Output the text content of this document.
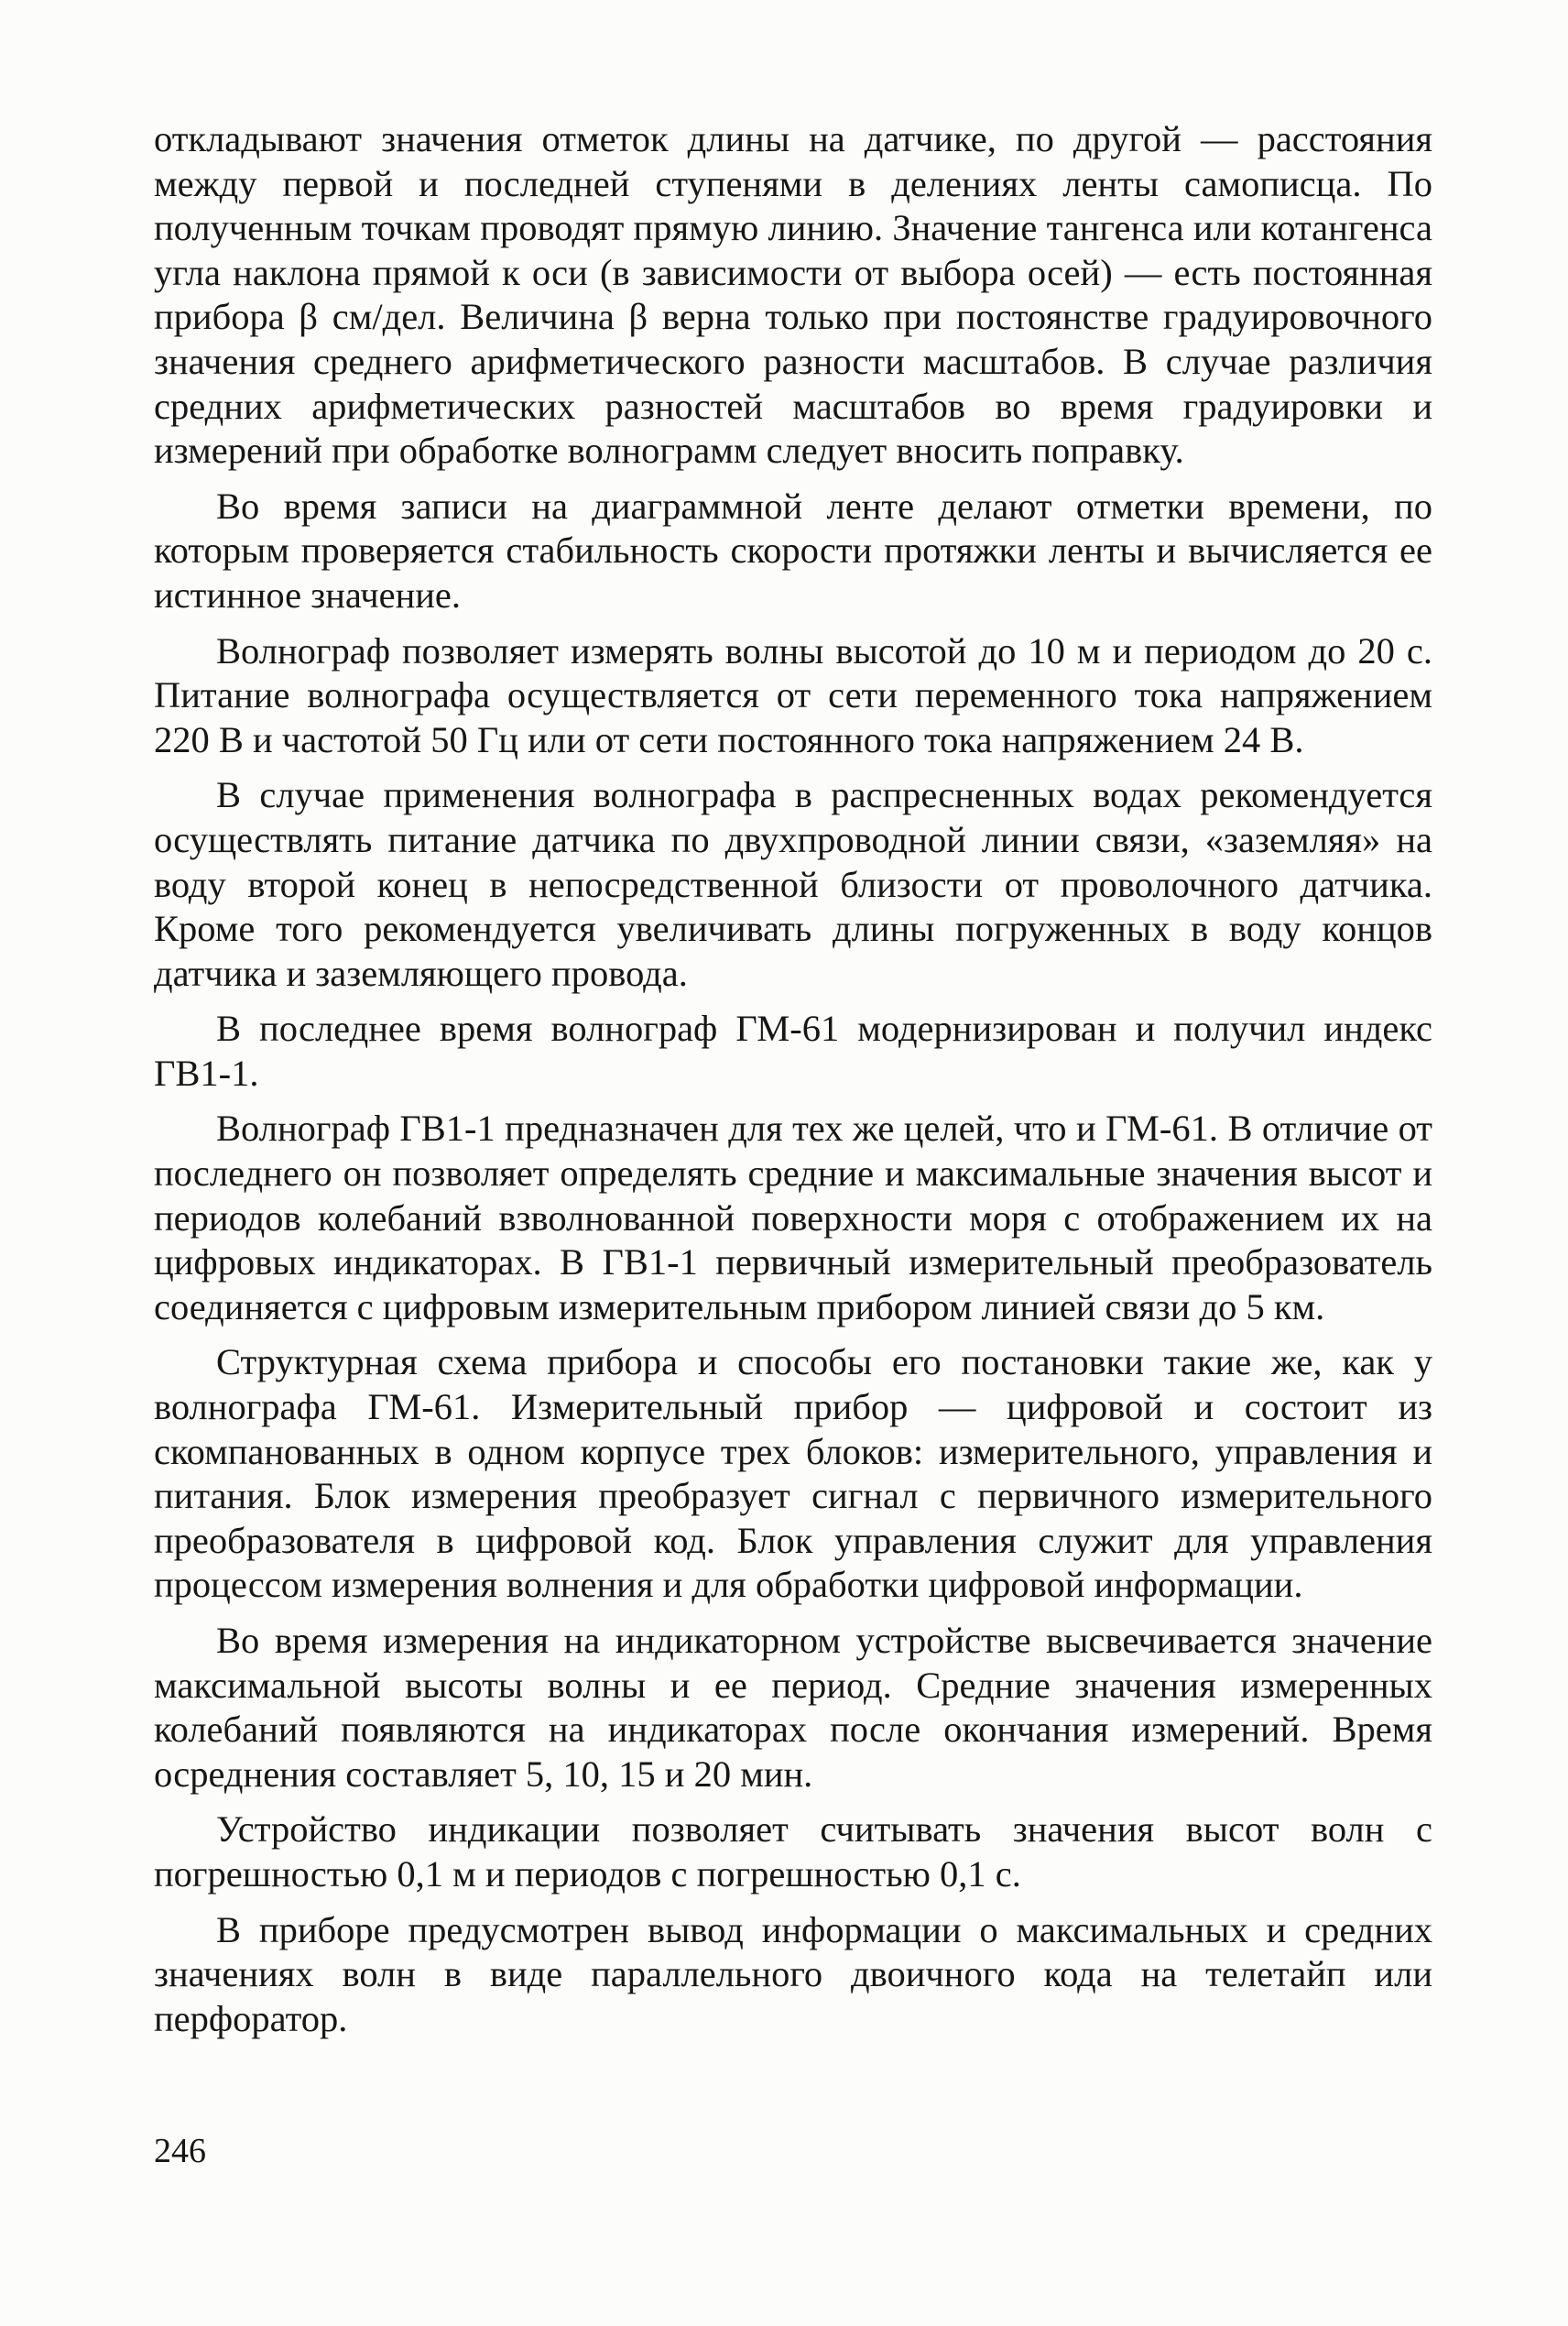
откладывают значения отметок длины на датчике, по другой — расстояния между первой и последней ступенями в делениях ленты самописца. По полученным точкам проводят прямую линию. Значение тангенса или котангенса угла наклона прямой к оси (в зависимости от выбора осей) — есть постоянная прибора β см/дел. Величина β верна только при постоянстве градуировочного значения среднего арифметического разности масштабов. В случае различия средних арифметических разностей масштабов во время градуировки и измерений при обработке волнограмм следует вносить поправку.

Во время записи на диаграммной ленте делают отметки времени, по которым проверяется стабильность скорости протяжки ленты и вычисляется ее истинное значение.

Волнограф позволяет измерять волны высотой до 10 м и периодом до 20 с. Питание волнографа осуществляется от сети переменного тока напряжением 220 В и частотой 50 Гц или от сети постоянного тока напряжением 24 В.

В случае применения волнографа в распресненных водах рекомендуется осуществлять питание датчика по двухпроводной линии связи, «заземляя» на воду второй конец в непосредственной близости от проволочного датчика. Кроме того рекомендуется увеличивать длины погруженных в воду концов датчика и заземляющего провода.

В последнее время волнограф ГМ-61 модернизирован и получил индекс ГВ1-1.

Волнограф ГВ1-1 предназначен для тех же целей, что и ГМ-61. В отличие от последнего он позволяет определять средние и максимальные значения высот и периодов колебаний взволнованной поверхности моря с отображением их на цифровых индикаторах. В ГВ1-1 первичный измерительный преобразователь соединяется с цифровым измерительным прибором линией связи до 5 км.

Структурная схема прибора и способы его постановки такие же, как у волнографа ГМ-61. Измерительный прибор — цифровой и состоит из скомпанованных в одном корпусе трех блоков: измерительного, управления и питания. Блок измерения преобразует сигнал с первичного измерительного преобразователя в цифровой код. Блок управления служит для управления процессом измерения волнения и для обработки цифровой информации.

Во время измерения на индикаторном устройстве высвечивается значение максимальной высоты волны и ее период. Средние значения измеренных колебаний появляются на индикаторах после окончания измерений. Время осреднения составляет 5, 10, 15 и 20 мин.

Устройство индикации позволяет считывать значения высот волн с погрешностью 0,1 м и периодов с погрешностью 0,1 с.

В приборе предусмотрен вывод информации о максимальных и средних значениях волн в виде параллельного двоичного кода на телетайп или перфоратор.

246
